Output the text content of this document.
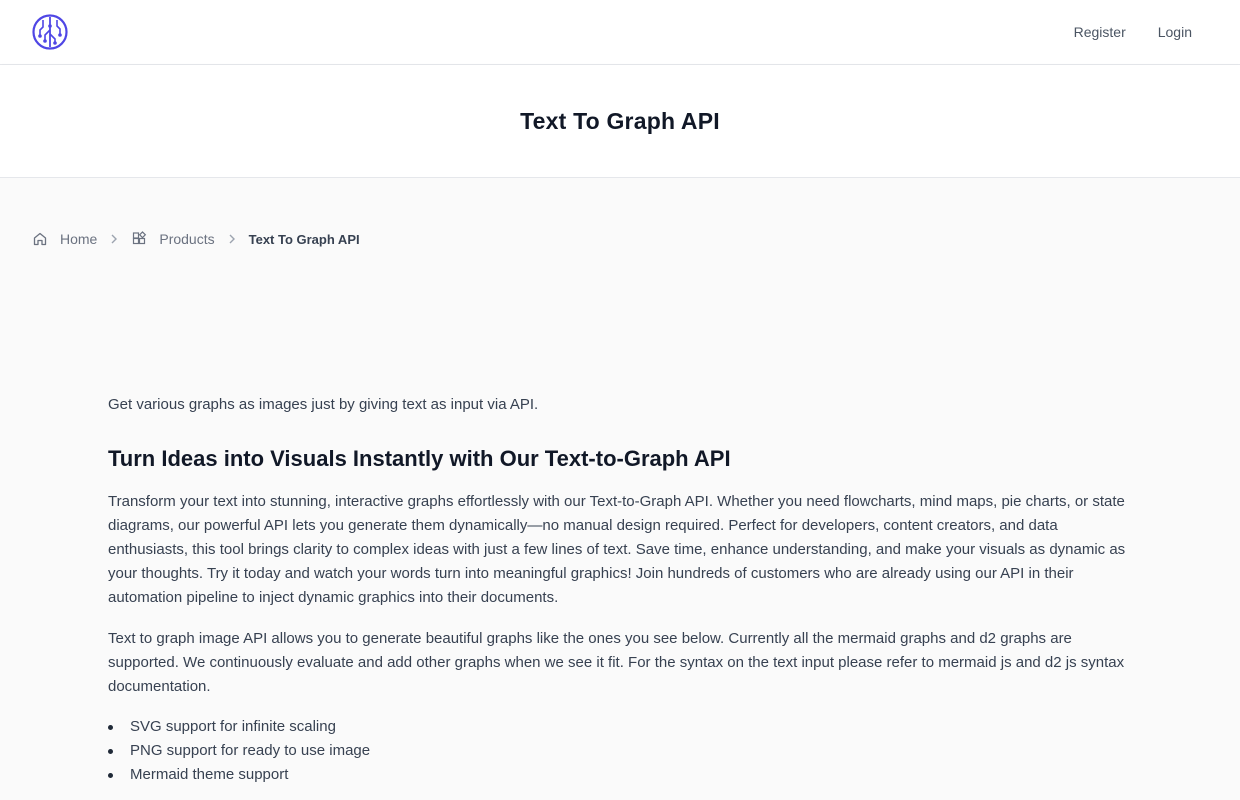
Register Login
Text To Graph API
Home	Products	Text To Graph API

Get various graphs as images just by giving text as input via API.

Turn Ideas into Visuals Instantly with Our Text-to-Graph API

Transform your text into stunning, interactive graphs effortlessly with our Text-to-Graph API. Whether you need flowcharts, mind maps, pie charts, or state diagrams, our powerful API lets you generate them dynamically—no manual design required. Perfect for developers, content creators, and data enthusiasts, this tool brings clarity to complex ideas with just a few lines of text. Save time, enhance understanding, and make your visuals as dynamic as your thoughts. Try it today and watch your words turn into meaningful graphics! Join hundreds of customers who are already using our API in their automation pipeline to inject dynamic graphics into their documents.

Text to graph image API allows you to generate beautiful graphs like the ones you see below. Currently all the mermaid graphs and d2 graphs are supported. We continuously evaluate and add other graphs when we see it fit. For the syntax on the text input please refer to mermaid js and d2 js syntax documentation.

SVG support for infinite scaling
PNG support for ready to use image
Mermaid theme support
